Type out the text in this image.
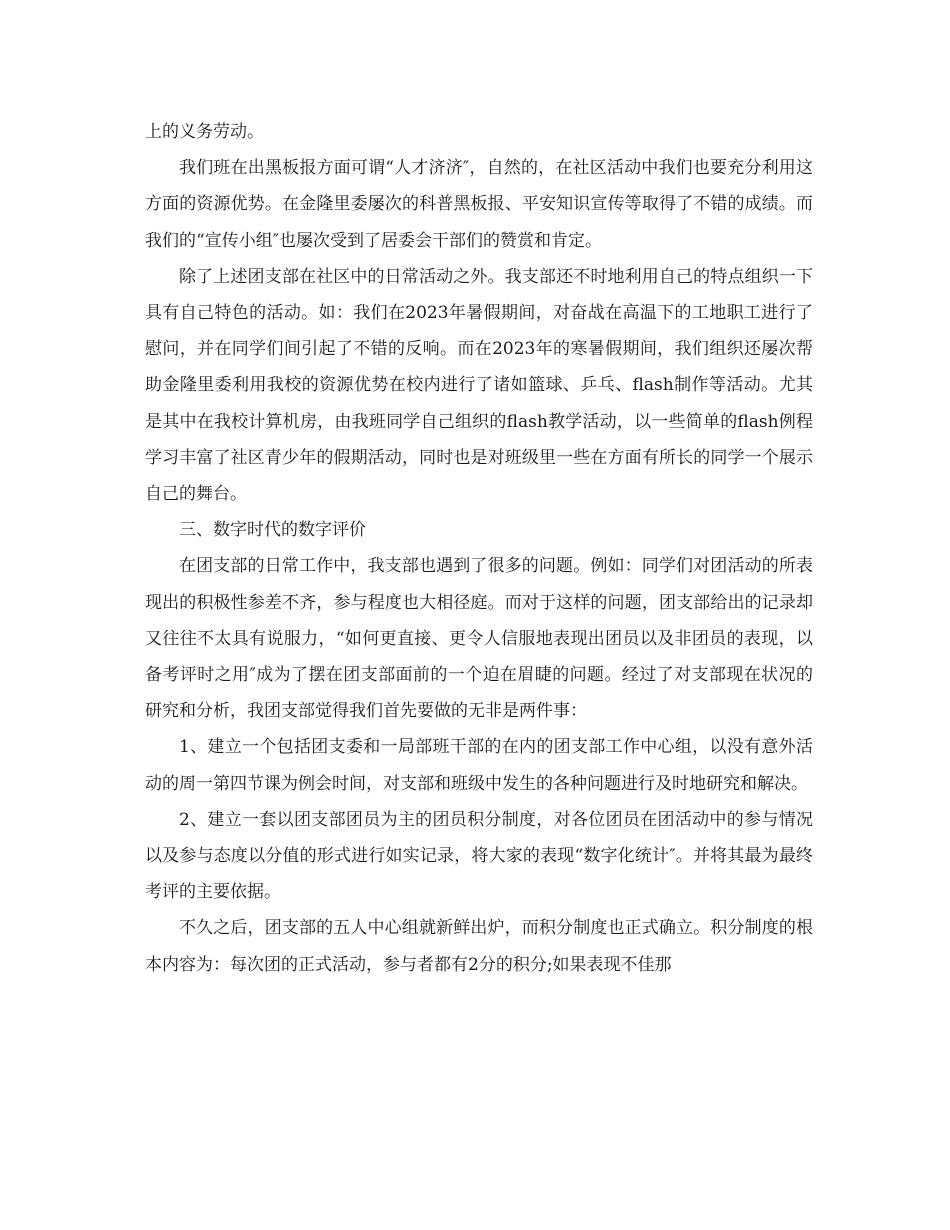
上的义务劳动。

我们班在出黑板报方面可谓“人才济济″，自然的，在社区活动中我们也要充分利用这方面的资源优势。在金隆里委屡次的科普黑板报、平安知识宣传等取得了不错的成绩。而我们的“宣传小组″也屡次受到了居委会干部们的赞赏和肯定。

除了上述团支部在社区中的日常活动之外。我支部还不时地利用自己的特点组织一下具有自己特色的活动。如：我们在2023年暑假期间，对奋战在高温下的工地职工进行了慰问，并在同学们间引起了不错的反响。而在2023年的寒暑假期间，我们组织还屡次帮助金隆里委利用我校的资源优势在校内进行了诸如篮球、乒乓、flash制作等活动。尤其是其中在我校计算机房，由我班同学自己组织的flash教学活动，以一些简单的flash例程学习丰富了社区青少年的假期活动，同时也是对班级里一些在方面有所长的同学一个展示自己的舞台。

三、数字时代的数字评价

在团支部的日常工作中，我支部也遇到了很多的问题。例如：同学们对团活动的所表现出的积极性参差不齐，参与程度也大相径庭。而对于这样的问题，团支部给出的记录却又往往不太具有说服力，“如何更直接、更令人信服地表现出团员以及非团员的表现，以备考评时之用″成为了摆在团支部面前的一个迫在眉睫的问题。经过了对支部现在状况的研究和分析，我团支部觉得我们首先要做的无非是两件事：

1、建立一个包括团支委和一局部班干部的在内的团支部工作中心组，以没有意外活动的周一第四节课为例会时间，对支部和班级中发生的各种问题进行及时地研究和解决。

2、建立一套以团支部团员为主的团员积分制度，对各位团员在团活动中的参与情况以及参与态度以分值的形式进行如实记录，将大家的表现“数字化统计″。并将其最为最终考评的主要依据。

不久之后，团支部的五人中心组就新鲜出炉，而积分制度也正式确立。积分制度的根本内容为：每次团的正式活动，参与者都有2分的积分;如果表现不佳那
